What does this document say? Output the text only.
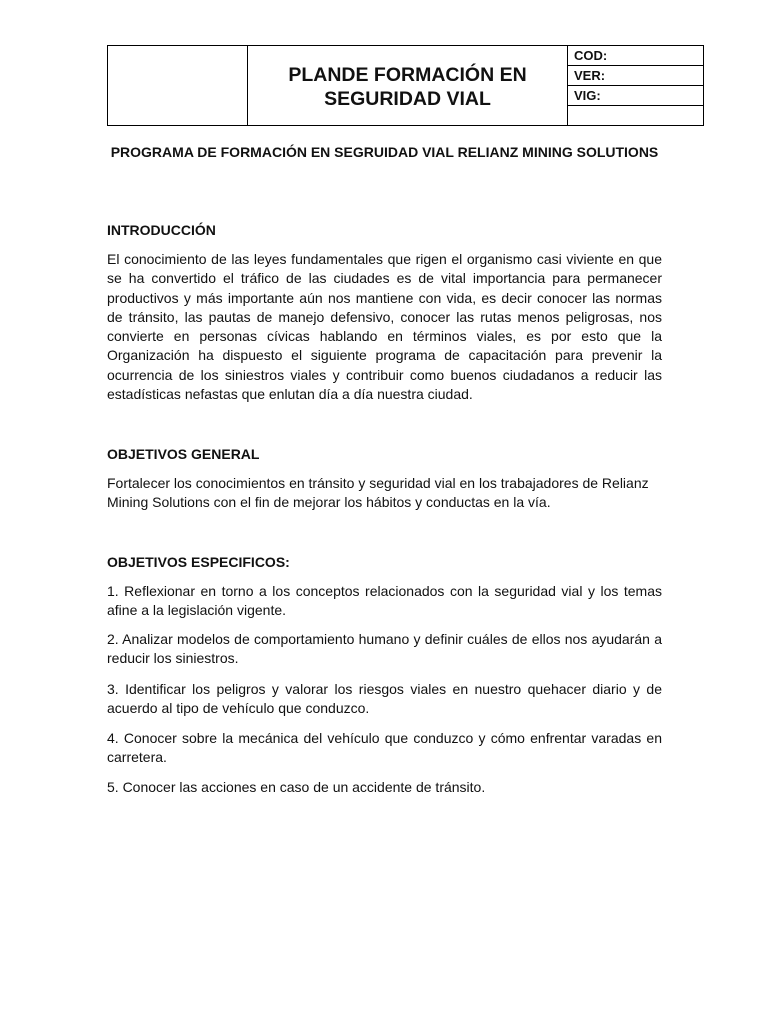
PLANDE FORMACIÓN EN SEGURIDAD VIAL
COD:
VER:
VIG:
PROGRAMA DE FORMACIÓN EN SEGRUIDAD VIAL RELIANZ MINING SOLUTIONS
INTRODUCCIÓN
El conocimiento de las leyes fundamentales que rigen el organismo casi viviente en que se ha convertido el tráfico de las ciudades es de vital importancia para permanecer productivos y más importante aún nos mantiene con vida, es decir conocer las normas de tránsito, las pautas de manejo defensivo, conocer las rutas menos peligrosas, nos convierte en personas cívicas hablando en términos viales, es por esto que la Organización ha dispuesto el siguiente programa de capacitación para prevenir la ocurrencia de los siniestros viales y contribuir como buenos ciudadanos a reducir las estadísticas nefastas que enlutan día a día nuestra ciudad.
OBJETIVOS GENERAL
Fortalecer los conocimientos en tránsito y seguridad vial en los trabajadores de Relianz Mining Solutions con el fin de mejorar los hábitos y conductas en la vía.
OBJETIVOS ESPECIFICOS:
1. Reflexionar en torno a los conceptos relacionados con la seguridad vial y los temas afine a la legislación vigente.
2. Analizar modelos de comportamiento humano y definir cuáles de ellos nos ayudarán a reducir los siniestros.
3. Identificar los peligros y valorar los riesgos viales en nuestro quehacer diario y de acuerdo al tipo de vehículo que conduzco.
4. Conocer sobre la mecánica del vehículo que conduzco y cómo enfrentar varadas en carretera.
5. Conocer las acciones en caso de un accidente de tránsito.
